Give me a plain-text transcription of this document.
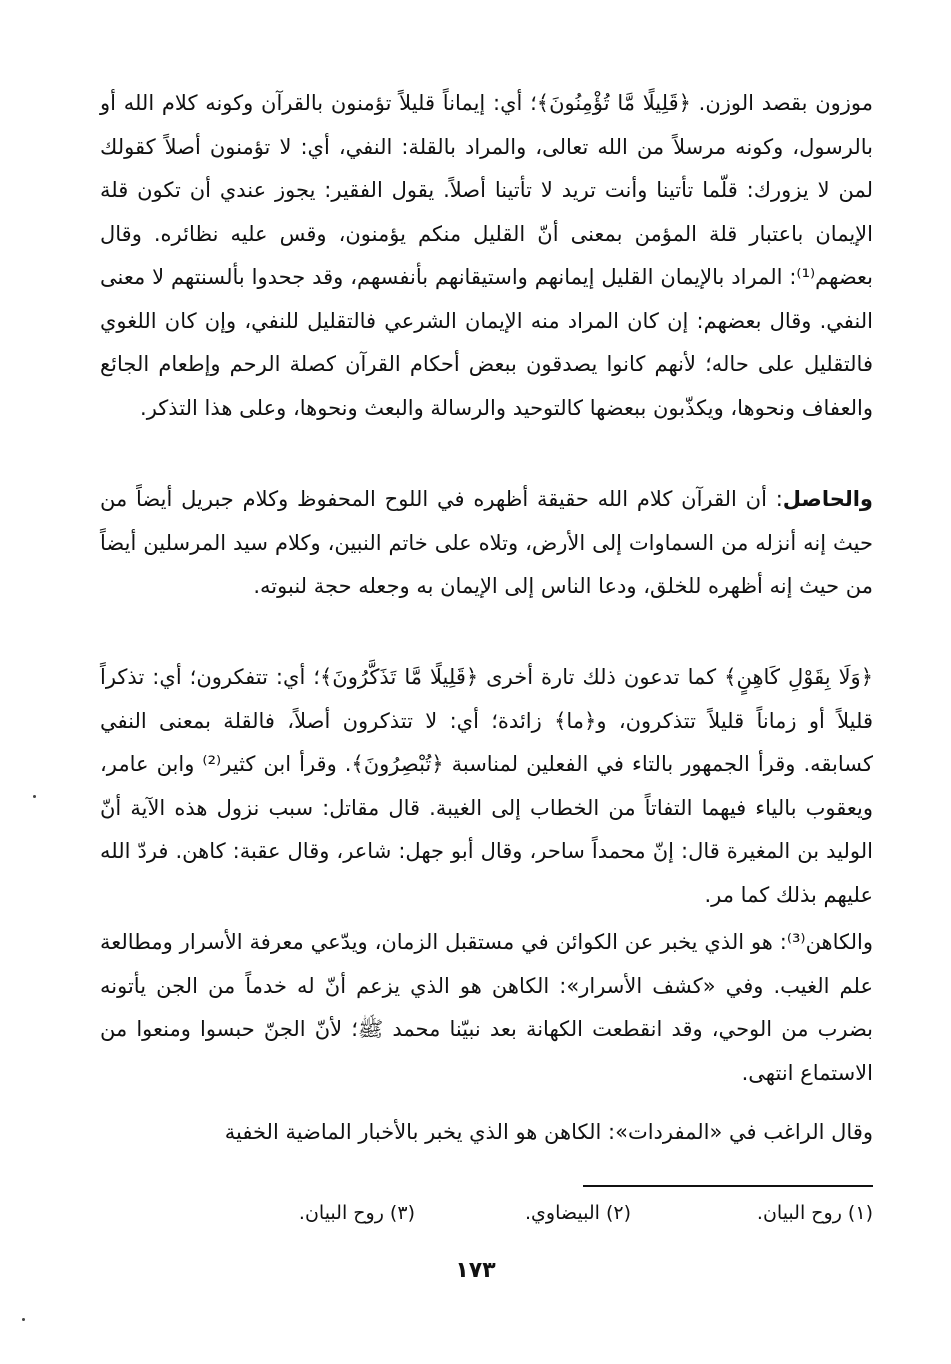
موزون بقصد الوزن. ﴿قَلِيلًا مَّا تُؤْمِنُونَ﴾؛ أي: إيماناً قليلاً تؤمنون بالقرآن وكونه كلام الله أو بالرسول، وكونه مرسلاً من الله تعالى، والمراد بالقلة: النفي، أي: لا تؤمنون أصلاً كقولك لمن لا يزورك: قلّما تأتينا وأنت تريد لا تأتينا أصلاً. يقول الفقير: يجوز عندي أن تكون قلة الإيمان باعتبار قلة المؤمن بمعنى أنّ القليل منكم يؤمنون، وقس عليه نظائره. وقال بعضهم⁽¹⁾: المراد بالإيمان القليل إيمانهم واستيقانهم بأنفسهم، وقد جحدوا بألسنتهم لا معنى النفي. وقال بعضهم: إن كان المراد منه الإيمان الشرعي فالتقليل للنفي، وإن كان اللغوي فالتقليل على حاله؛ لأنهم كانوا يصدقون ببعض أحكام القرآن كصلة الرحم وإطعام الجائع والعفاف ونحوها، ويكذّبون ببعضها كالتوحيد والرسالة والبعث ونحوها، وعلى هذا التذكر.

والحاصل: أن القرآن كلام الله حقيقة أظهره في اللوح المحفوظ وكلام جبريل أيضاً من حيث إنه أنزله من السماوات إلى الأرض، وتلاه على خاتم النبين، وكلام سيد المرسلين أيضاً من حيث إنه أظهره للخلق، ودعا الناس إلى الإيمان به وجعله حجة لنبوته.

﴿وَلَا بِقَوْلِ كَاهِنٍ﴾ كما تدعون ذلك تارة أخرى ﴿قَلِيلًا مَّا تَذَكَّرُونَ﴾؛ أي: تتفكرون؛ أي: تذكراً قليلاً أو زماناً قليلاً تتذكرون، و﴿ما﴾ زائدة؛ أي: لا تتذكرون أصلاً، فالقلة بمعنى النفي كسابقه. وقرأ الجمهور بالتاء في الفعلين لمناسبة ﴿تُبْصِرُونَ﴾. وقرأ ابن كثير⁽²⁾ وابن عامر، ويعقوب بالياء فيهما التفاتاً من الخطاب إلى الغيبة. قال مقاتل: سبب نزول هذه الآية أنّ الوليد بن المغيرة قال: إنّ محمداً ساحر، وقال أبو جهل: شاعر، وقال عقبة: كاهن. فردّ الله عليهم بذلك كما مر.

والكاهن⁽³⁾: هو الذي يخبر عن الكوائن في مستقبل الزمان، ويدّعي معرفة الأسرار ومطالعة علم الغيب. وفي «كشف الأسرار»: الكاهن هو الذي يزعم أنّ له خدماً من الجن يأتونه بضرب من الوحي، وقد انقطعت الكهانة بعد نبيّنا محمد ﷺ؛ لأنّ الجنّ حبسوا ومنعوا من الاستماع انتهى.

وقال الراغب في «المفردات»: الكاهن هو الذي يخبر بالأخبار الماضية الخفية

(١) روح البيان.
(٢) البيضاوي.
(٣) روح البيان.
١٧٣
